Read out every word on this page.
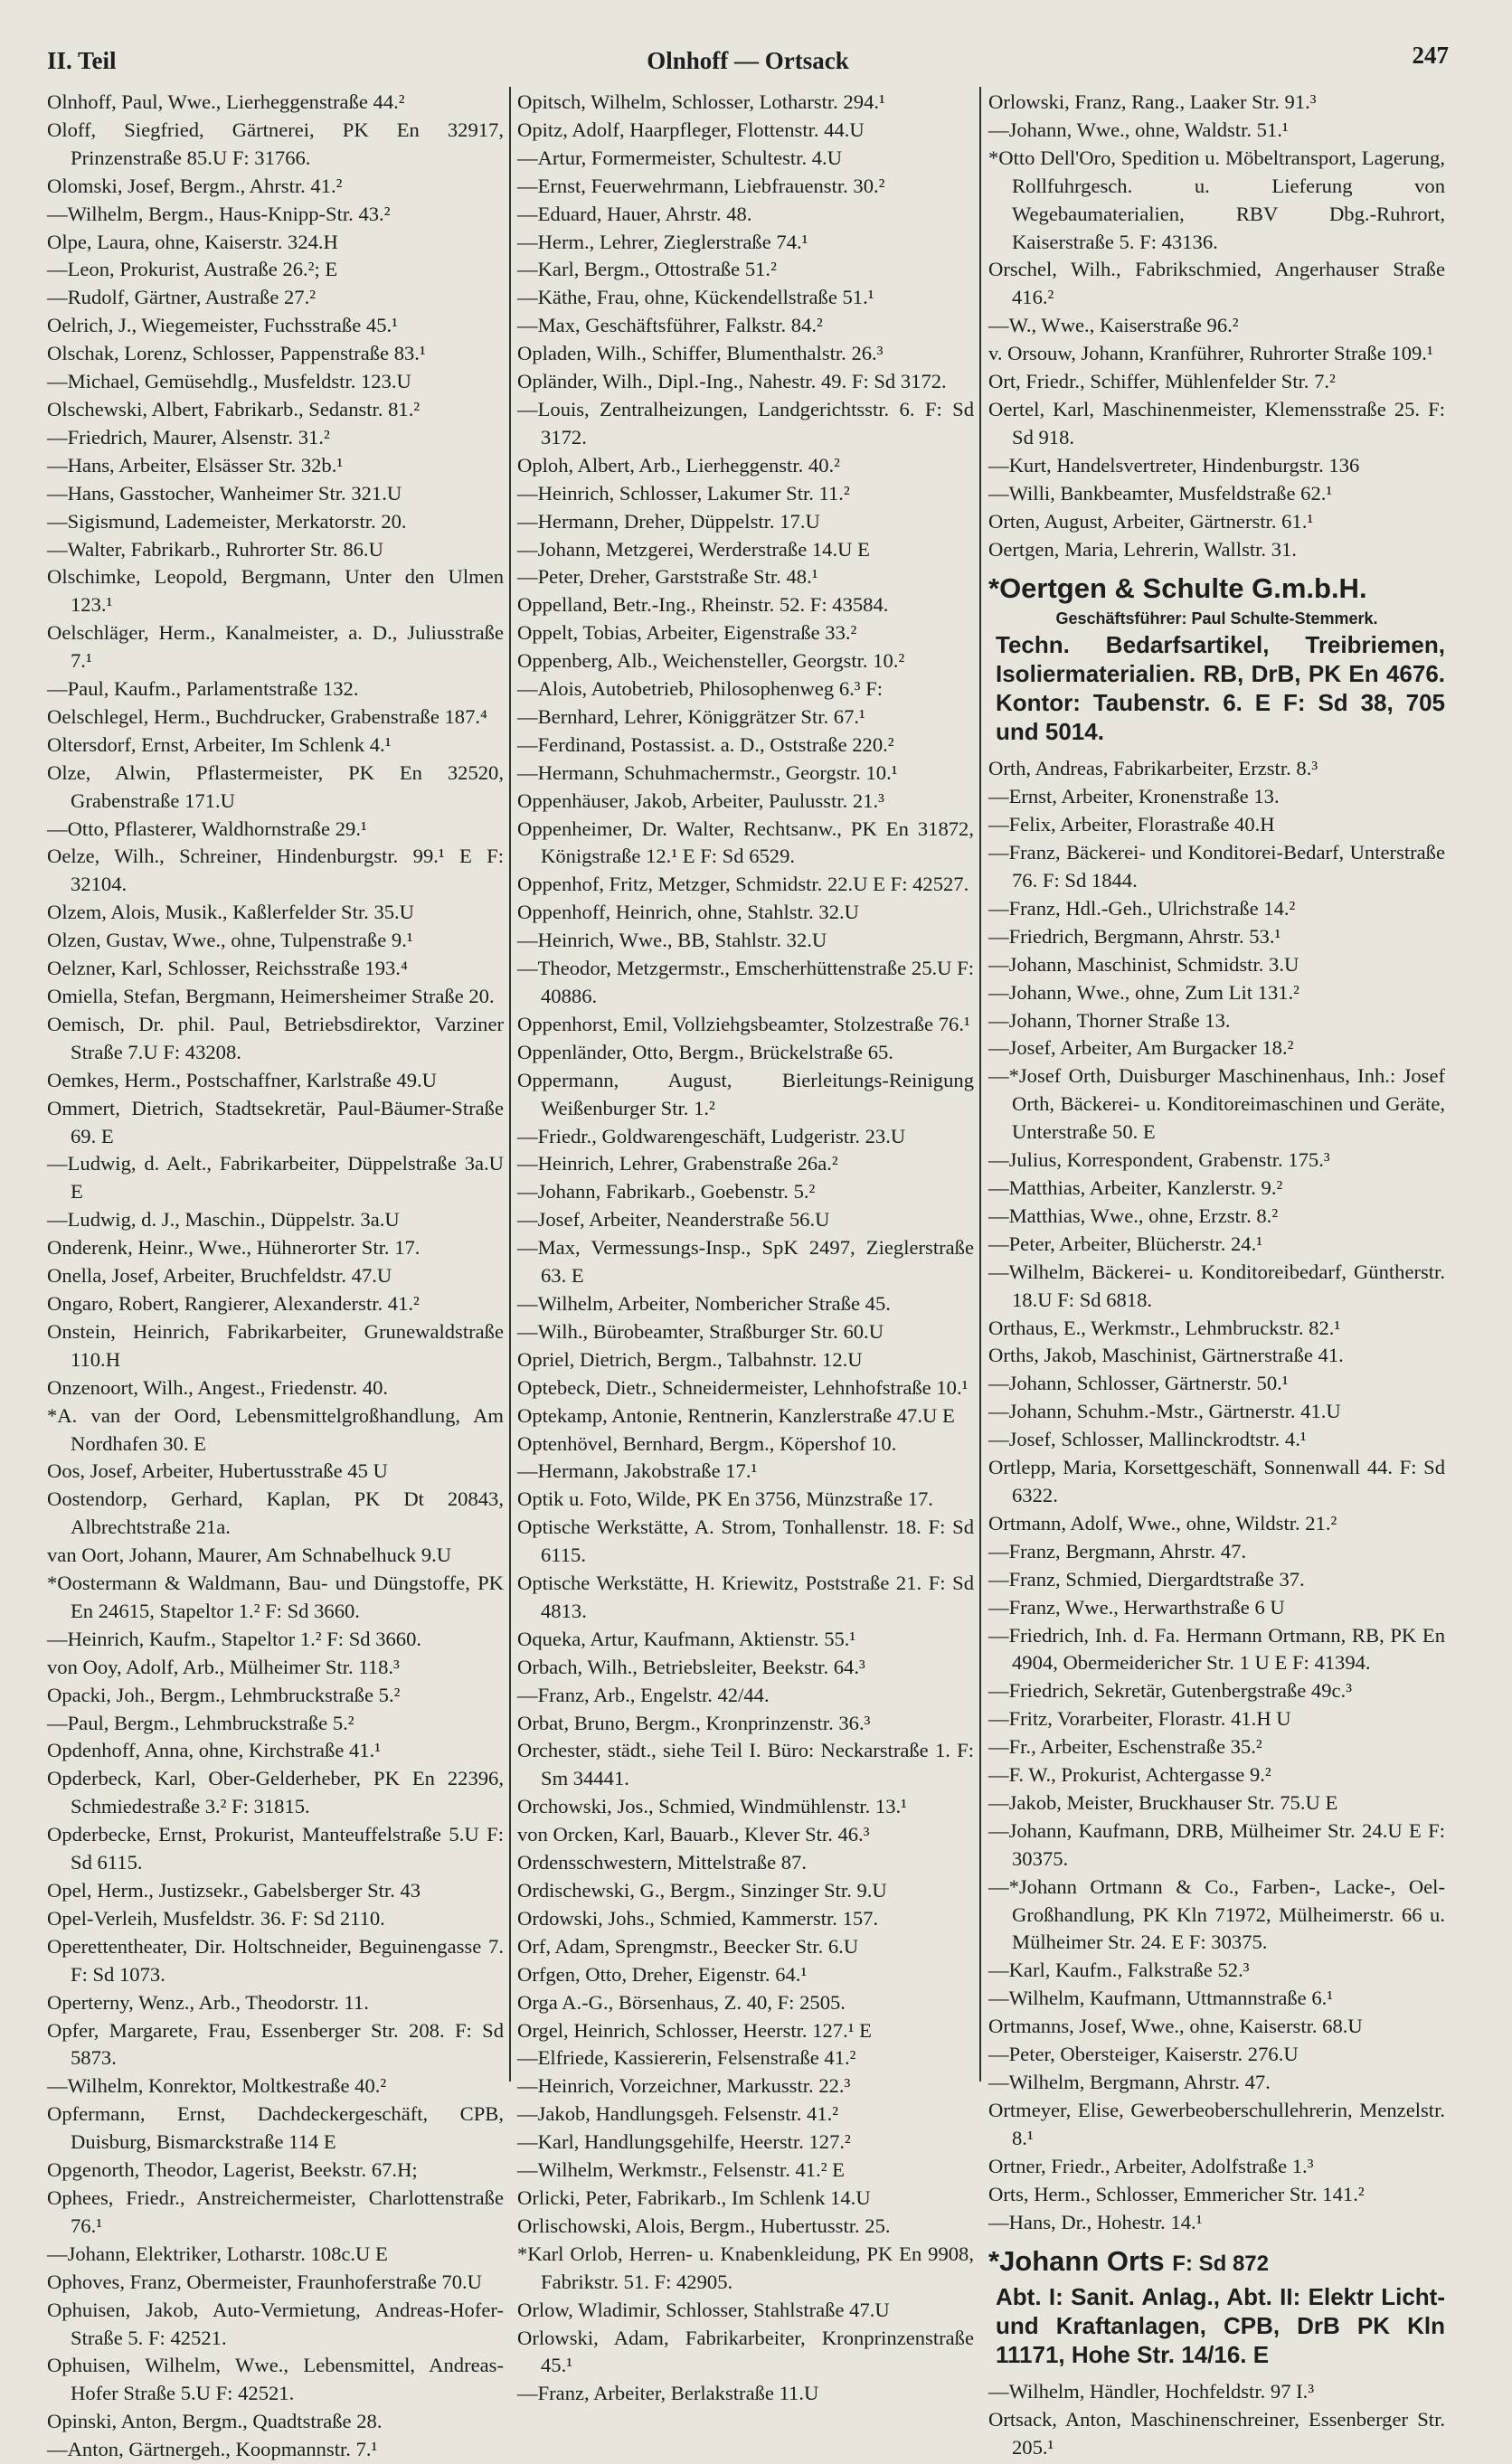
II. Teil	Olnhoff — Ortsack	247
Olnhoff, Paul, Wwe., Lierheggenstraße 44.²
Oloff, Siegfried, Gärtnerei, PK En 32917, Prinzenstraße 85.U F: 31766.
Olomski, Josef, Bergm., Ahrstr. 41.²
—Wilhelm, Bergm., Haus-Knipp-Str. 43.²
Olpe, Laura, ohne, Kaiserstr. 324.H
—Leon, Prokurist, Austraße 26.²; E
—Rudolf, Gärtner, Austraße 27.²
Oelrich, J., Wiegemeister, Fuchsstraße 45.¹
Olschak, Lorenz, Schlosser, Pappenstraße 83.¹
—Michael, Gemüsehdlg., Musfeldstr. 123.U
Olschewski, Albert, Fabrikarb., Sedanstr. 81.²
—Friedrich, Maurer, Alsenstr. 31.²
—Hans, Arbeiter, Elsässer Str. 32b.¹
—Hans, Gasstocher, Wanheimer Str. 321.U
—Sigismund, Lademeister, Merkatorstr. 20.
—Walter, Fabrikarb., Ruhrorter Str. 86.U
Olschimke, Leopold, Bergmann, Unter den Ulmen 123.¹
Oelschläger, Herm., Kanalmeister, a. D., Juliusstraße 7.¹
—Paul, Kaufm., Parlamentstraße 132.
Oelschlegel, Herm., Buchdrucker, Grabenstraße 187.⁴
Oltersdorf, Ernst, Arbeiter, Im Schlenk 4.¹
Olze, Alwin, Pflastermeister, PK En 32520, Grabenstraße 171.U
—Otto, Pflasterer, Waldhornstraße 29.¹
Oelze, Wilh., Schreiner, Hindenburgstr. 99.¹ E F: 32104.
Olzem, Alois, Musik., Kaßlerfelder Str. 35.U
Olzen, Gustav, Wwe., ohne, Tulpenstraße 9.¹
Oelzner, Karl, Schlosser, Reichsstraße 193.⁴
Omiella, Stefan, Bergmann, Heimersheimer Straße 20.
Oemisch, Dr. phil. Paul, Betriebsdirektor, Varziner Straße 7.U F: 43208.
Oemkes, Herm., Postschaffner, Karlstraße 49.U
Ommert, Dietrich, Stadtsekretär, Paul-Bäumer-Straße 69. E
—Ludwig, d. Aelt., Fabrikarbeiter, Düppelstraße 3a.U E
—Ludwig, d. J., Maschin., Düppelstr. 3a.U
Onderenk, Heinr., Wwe., Hühnerorter Str. 17.
Onella, Josef, Arbeiter, Bruchfeldstr. 47.U
Ongaro, Robert, Rangierer, Alexanderstr. 41.²
Onstein, Heinrich, Fabrikarbeiter, Grunewaldstraße 110.H
Onzenoort, Wilh., Angest., Friedenstr. 40.
*A. van der Oord, Lebensmittelgroßhandlung, Am Nordhafen 30. E
Oos, Josef, Arbeiter, Hubertusstraße 45 U
Oostendorp, Gerhard, Kaplan, PK Dt 20843, Albrechtstraße 21a.
van Oort, Johann, Maurer, Am Schnabelhuck 9.U
*Oostermann & Waldmann, Bau- und Düngstoffe, PK En 24615, Stapeltor 1.² F: Sd 3660.
—Heinrich, Kaufm., Stapeltor 1.² F: Sd 3660.
von Ooy, Adolf, Arb., Mülheimer Str. 118.³
Opacki, Joh., Bergm., Lehmbruckstraße 5.²
—Paul, Bergm., Lehmbruckstraße 5.²
Opdenhoff, Anna, ohne, Kirchstraße 41.¹
Opderbeck, Karl, Ober-Gelderheber, PK En 22396, Schmiedestraße 3.² F: 31815.
Opderbecke, Ernst, Prokurist, Manteuffelstraße 5.U F: Sd 6115.
Opel, Herm., Justizsekr., Gabelsberger Str. 43
Opel-Verleih, Musfeldstr. 36. F: Sd 2110.
Operettentheater, Dir. Holtschneider, Beguinengasse 7. F: Sd 1073.
Operterny, Wenz., Arb., Theodorstr. 11.
Opfer, Margarete, Frau, Essenberger Str. 208. F: Sd 5873.
—Wilhelm, Konrektor, Moltkestraße 40.²
Opfermann, Ernst, Dachdeckergeschäft, CPB, Duisburg, Bismarckstraße 114 E
Opgenorth, Theodor, Lagerist, Beekstr. 67.H;
Ophees, Friedr., Anstreichermeister, Charlottenstraße 76.¹
—Johann, Elektriker, Lotharstr. 108c.U E
Ophoves, Franz, Obermeister, Fraunhoferstraße 70.U
Ophuisen, Jakob, Auto-Vermietung, Andreas-Hofer-Straße 5. F: 42521.
Ophuisen, Wilhelm, Wwe., Lebensmittel, Andreas-Hofer Straße 5.U F: 42521.
Opinski, Anton, Bergm., Quadtstraße 28.
—Anton, Gärtnergeh., Koopmannstr. 7.¹
Opitsch, Wilhelm, Schlosser, Lotharstr. 294.¹
Opitz, Adolf, Haarpfleger, Flottenstr. 44.U
—Artur, Formermeister, Schultestr. 4.U
—Ernst, Feuerwehrmann, Liebfrauenstr. 30.²
—Eduard, Hauer, Ahrstr. 48.
—Herm., Lehrer, Zieglerstraße 74.¹
—Karl, Bergm., Ottostraße 51.²
—Käthe, Frau, ohne, Kückendellstraße 51.¹
—Max, Geschäftsführer, Falkstr. 84.²
Opladen, Wilh., Schiffer, Blumenthalstr. 26.³
Opländer, Wilh., Dipl.-Ing., Nahestr. 49. F: Sd 3172.
—Louis, Zentralheizungen, Landgerichtsstr. 6. F: Sd 3172.
Oploh, Albert, Arb., Lierheggenstr. 40.²
—Heinrich, Schlosser, Lakumer Str. 11.²
—Hermann, Dreher, Düppelstr. 17.U
—Johann, Metzgerei, Werderstraße 14.U E
—Peter, Dreher, Garststraße Str. 48.¹
Oppelland, Betr.-Ing., Rheinstr. 52. F: 43584.
Oppelt, Tobias, Arbeiter, Eigenstraße 33.²
Oppenberg, Alb., Weichensteller, Georgstr. 10.²
—Alois, Autobetrieb, Philosophenweg 6.³ F:
—Bernhard, Lehrer, Königgrätzer Str. 67.¹
—Ferdinand, Postassist. a. D., Oststraße 220.²
—Hermann, Schuhmachermstr., Georgstr. 10.¹
Oppenhäuser, Jakob, Arbeiter, Paulusstr. 21.³
Oppenheimer, Dr. Walter, Rechtsanw., PK En 31872, Königstraße 12.¹ E F: Sd 6529.
Oppenhof, Fritz, Metzger, Schmidstr. 22.U E F: 42527.
Oppenhoff, Heinrich, ohne, Stahlstr. 32.U
—Heinrich, Wwe., BB, Stahlstr. 32.U
—Theodor, Metzgermstr., Emscherhüttenstraße 25.U F: 40886.
Oppenhorst, Emil, Vollziehgsbeamter, Stolzestraße 76.¹
Oppenländer, Otto, Bergm., Brückelstraße 65.
Oppermann, August, Bierleitungs-Reinigung Weißenburger Str. 1.²
—Friedr., Goldwarengeschäft, Ludgeristr. 23.U
—Heinrich, Lehrer, Grabenstraße 26a.²
—Johann, Fabrikarb., Goebenstr. 5.²
—Josef, Arbeiter, Neanderstraße 56.U
—Max, Vermessungs-Insp., SpK 2497, Zieglerstraße 63. E
—Wilhelm, Arbeiter, Nombericher Straße 45.
—Wilh., Bürobeamter, Straßburger Str. 60.U
Opriel, Dietrich, Bergm., Talbahnstr. 12.U
Optebeck, Dietr., Schneidermeister, Lehnhofstraße 10.¹
Optekamp, Antonie, Rentnerin, Kanzlerstraße 47.U E
Optenhövel, Bernhard, Bergm., Köpershof 10.
—Hermann, Jakobstraße 17.¹
Optik u. Foto, Wilde, PK En 3756, Münzstraße 17.
Optische Werkstätte, A. Strom, Tonhallenstr. 18. F: Sd 6115.
Optische Werkstätte, H. Kriewitz, Poststraße 21. F: Sd 4813.
Oqueka, Artur, Kaufmann, Aktienstr. 55.¹
Orbach, Wilh., Betriebsleiter, Beekstr. 64.³
—Franz, Arb., Engelstr. 42/44.
Orbat, Bruno, Bergm., Kronprinzenstr. 36.³
Orchester, städt., siehe Teil I. Büro: Neckarstraße 1. F: Sm 34441.
Orchowski, Jos., Schmied, Windmühlenstr. 13.¹
von Orcken, Karl, Bauarb., Klever Str. 46.³
Ordensschwestern, Mittelstraße 87.
Ordischewski, G., Bergm., Sinzinger Str. 9.U
Ordowski, Johs., Schmied, Kammerstr. 157.
Orf, Adam, Sprengmstr., Beecker Str. 6.U
Orfgen, Otto, Dreher, Eigenstr. 64.¹
Orga A.-G., Börsenhaus, Z. 40, F: 2505.
Orgel, Heinrich, Schlosser, Heerstr. 127.¹ E
—Elfriede, Kassiererin, Felsenstraße 41.²
—Heinrich, Vorzeichner, Markusstr. 22.³
—Jakob, Handlungsgeh. Felsenstr. 41.²
—Karl, Handlungsgehilfe, Heerstr. 127.²
—Wilhelm, Werkmstr., Felsenstr. 41.² E
Orlicki, Peter, Fabrikarb., Im Schlenk 14.U
Orlischowski, Alois, Bergm., Hubertusstr. 25.
*Karl Orlob, Herren- u. Knabenkleidung, PK En 9908, Fabrikstr. 51. F: 42905.
Orlow, Wladimir, Schlosser, Stahlstraße 47.U
Orlowski, Adam, Fabrikarbeiter, Kronprinzenstraße 45.¹
—Franz, Arbeiter, Berlakstraße 11.U
Orlowski, Franz, Rang., Laaker Str. 91.³
—Johann, Wwe., ohne, Waldstr. 51.¹
*Otto Dell'Oro, Spedition u. Möbeltransport, Lagerung, Rollfuhrgesch. u. Lieferung von Wegebaumaterialien, RBV Dbg.-Ruhrort, Kaiserstraße 5. F: 43136.
Orschel, Wilh., Fabrikschmied, Angerhauser Straße 416.²
—W., Wwe., Kaiserstraße 96.²
v. Orsouw, Johann, Kranführer, Ruhrorter Straße 109.¹
Ort, Friedr., Schiffer, Mühlenfelder Str. 7.²
Oertel, Karl, Maschinenmeister, Klemensstraße 25. F: Sd 918.
—Kurt, Handelsvertreter, Hindenburgstr. 136
—Willi, Bankbeamter, Musfeldstraße 62.¹
Orten, August, Arbeiter, Gärtnerstr. 61.¹
Oertgen, Maria, Lehrerin, Wallstr. 31.
*Oertgen & Schulte G.m.b.H.
Geschäftsführer: Paul Schulte-Stemmerk.
Techn. Bedarfsartikel, Treibriemen, Isoliermaterialien. RB, DrB, PK En 4676. Kontor: Taubenstr. 6. E F: Sd 38, 705 und 5014.
Orth, Andreas, Fabrikarbeiter, Erzstr. 8.³
—Ernst, Arbeiter, Kronenstraße 13.
—Felix, Arbeiter, Florastraße 40.H
—Franz, Bäckerei- und Konditorei-Bedarf, Unterstraße 76. F: Sd 1844.
—Franz, Hdl.-Geh., Ulrichstraße 14.²
—Friedrich, Bergmann, Ahrstr. 53.¹
—Johann, Maschinist, Schmidstr. 3.U
—Johann, Wwe., ohne, Zum Lit 131.²
—Johann, Thorner Straße 13.
—Josef, Arbeiter, Am Burgacker 18.²
—*Josef Orth, Duisburger Maschinenhaus, Inh.: Josef Orth, Bäckerei- u. Konditoreimaschinen und Geräte, Unterstraße 50. E
—Julius, Korrespondent, Grabenstr. 175.³
—Matthias, Arbeiter, Kanzlerstr. 9.²
—Matthias, Wwe., ohne, Erzstr. 8.²
—Peter, Arbeiter, Blücherstr. 24.¹
—Wilhelm, Bäckerei- u. Konditoreibedarf, Güntherstr. 18.U F: Sd 6818.
Orthaus, E., Werkmstr., Lehmbruckstr. 82.¹
Orths, Jakob, Maschinist, Gärtnerstraße 41.
—Johann, Schlosser, Gärtnerstr. 50.¹
—Johann, Schuhm.-Mstr., Gärtnerstr. 41.U
—Josef, Schlosser, Mallinckrodtstr. 4.¹
Ortlepp, Maria, Korsettgeschäft, Sonnenwall 44. F: Sd 6322.
Ortmann, Adolf, Wwe., ohne, Wildstr. 21.²
—Franz, Bergmann, Ahrstr. 47.
—Franz, Schmied, Diergardtstraße 37.
—Franz, Wwe., Herwarthstraße 6 U
—Friedrich, Inh. d. Fa. Hermann Ortmann, RB, PK En 4904, Obermeidericher Str. 1 U E F: 41394.
—Friedrich, Sekretär, Gutenbergstraße 49c.³
—Fritz, Vorarbeiter, Florastr. 41.H U
—Fr., Arbeiter, Eschenstraße 35.²
—F. W., Prokurist, Achtergasse 9.²
—Jakob, Meister, Bruckhauser Str. 75.U E
—Johann, Kaufmann, DRB, Mülheimer Str. 24.U E F: 30375.
—*Johann Ortmann & Co., Farben-, Lacke-, Oel-Großhandlung, PK Kln 71972, Mülheimerstr. 66 u. Mülheimer Str. 24. E F: 30375.
—Karl, Kaufm., Falkstraße 52.³
—Wilhelm, Kaufmann, Uttmannstraße 6.¹
Ortmanns, Josef, Wwe., ohne, Kaiserstr. 68.U
—Peter, Obersteiger, Kaiserstr. 276.U
—Wilhelm, Bergmann, Ahrstr. 47.
Ortmeyer, Elise, Gewerbeoberschullehrerin, Menzelstr. 8.¹
Ortner, Friedr., Arbeiter, Adolfstraße 1.³
Orts, Herm., Schlosser, Emmericher Str. 141.²
—Hans, Dr., Hohestr. 14.¹
*Johann Orts F: Sd 872
Abt. I: Sanit. Anlag., Abt. II: Elektr Licht- und Kraftanlagen, CPB, DrB PK Kln 11171, Hohe Str. 14/16. E
—Wilhelm, Händler, Hochfeldstr. 97 I.³
Ortsack, Anton, Maschinenschreiner, Essenberger Str. 205.¹
